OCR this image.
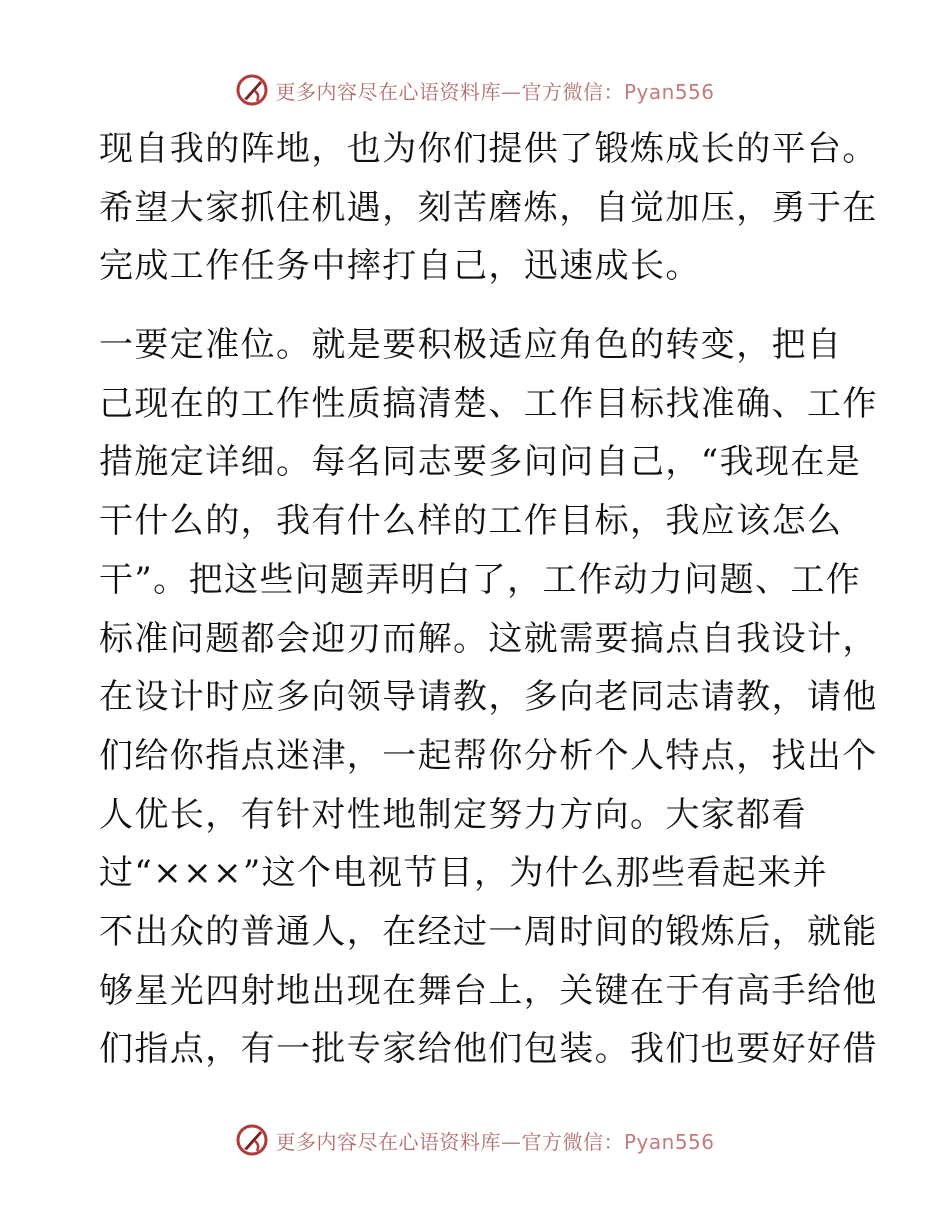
更多内容尽在心语资料库—官方微信：Pyan556
现自我的阵地，也为你们提供了锻炼成长的平台。
希望大家抓住机遇，刻苦磨炼，自觉加压，勇于在
完成工作任务中摔打自己，迅速成长。
一要定准位。就是要积极适应角色的转变，把自
己现在的工作性质搞清楚、工作目标找准确、工作
措施定详细。每名同志要多问问自己，“我现在是
干什么的，我有什么样的工作目标，我应该怎么
干”。把这些问题弄明白了，工作动力问题、工作
标准问题都会迎刃而解。这就需要搞点自我设计，
在设计时应多向领导请教，多向老同志请教，请他
们给你指点迷津，一起帮你分析个人特点，找出个
人优长，有针对性地制定努力方向。大家都看
过“×××”这个电视节目，为什么那些看起来并
不出众的普通人，在经过一周时间的锻炼后，就能
够星光四射地出现在舞台上，关键在于有高手给他
们指点，有一批专家给他们包装。我们也要好好借
更多内容尽在心语资料库—官方微信：Pyan556
